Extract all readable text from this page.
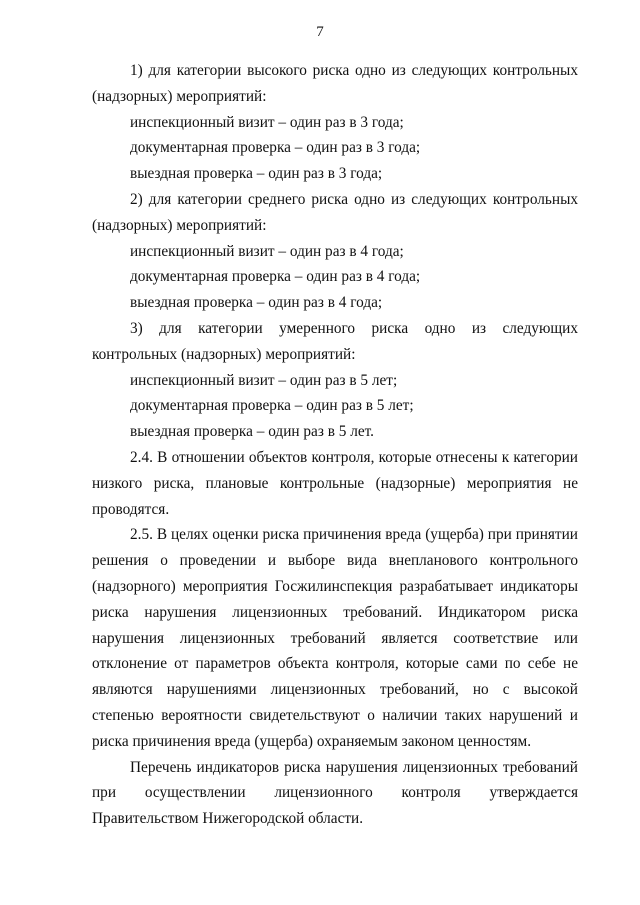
7

1) для категории высокого риска одно из следующих контрольных (надзорных) мероприятий:

инспекционный визит – один раз в 3 года;

документарная проверка – один раз в 3 года;

выездная проверка – один раз в 3 года;

2) для категории среднего риска одно из следующих контрольных (надзорных) мероприятий:

инспекционный визит – один раз в 4 года;

документарная проверка – один раз в 4 года;

выездная проверка – один раз в 4 года;

3) для категории умеренного риска одно из следующих контрольных (надзорных) мероприятий:

инспекционный визит – один раз в 5 лет;

документарная проверка – один раз в 5 лет;

выездная проверка – один раз в 5 лет.

2.4. В отношении объектов контроля, которые отнесены к категории низкого риска, плановые контрольные (надзорные) мероприятия не проводятся.

2.5. В целях оценки риска причинения вреда (ущерба) при принятии решения о проведении и выборе вида внепланового контрольного (надзорного) мероприятия Госжилинспекция разрабатывает индикаторы риска нарушения лицензионных требований. Индикатором риска нарушения лицензионных требований является соответствие или отклонение от параметров объекта контроля, которые сами по себе не являются нарушениями лицензионных требований, но с высокой степенью вероятности свидетельствуют о наличии таких нарушений и риска причинения вреда (ущерба) охраняемым законом ценностям.

Перечень индикаторов риска нарушения лицензионных требований при осуществлении лицензионного контроля утверждается

Правительством Нижегородской области.
